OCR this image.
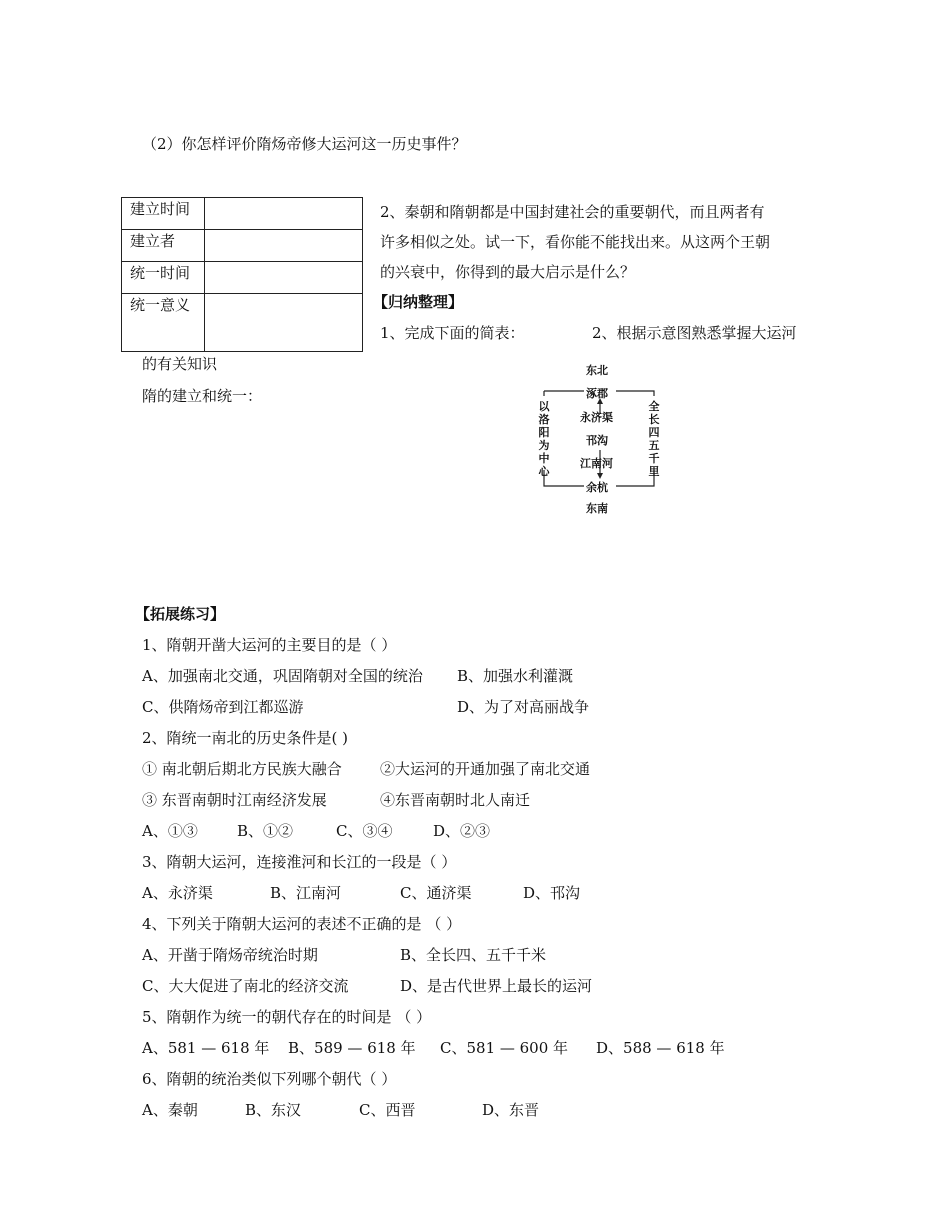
（2）你怎样评价隋炀帝修大运河这一历史事件？
建立时间	
建立者	
统一时间	
统一意义	
2、秦朝和隋朝都是中国封建社会的重要朝代，而且两者有
许多相似之处。试一下，看你能不能找出来。从这两个王朝
的兴衰中，你得到的最大启示是什么？
【归纳整理】
1、完成下面的简表：	2、根据示意图熟悉掌握大运河
的有关知识
隋的建立和统一：
东北
涿郡
永济渠
邗沟
江南河
余杭
东南
以洛阳为中心
全长四五千里
【拓展练习】
1、隋朝开凿大运河的主要目的是（ ）
A、加强南北交通，巩固隋朝对全国的统治 B、加强水利灌溉
C、供隋炀帝到江都巡游	D、为了对高丽战争
2、隋统一南北的历史条件是( )
① 南北朝后期北方民族大融合	②大运河的开通加强了南北交通
③ 东晋南朝时江南经济发展	④东晋南朝时北人南迁
A、①③	B、①②	C、③④	D、②③
3、隋朝大运河，连接淮河和长江的一段是（ ）
A、永济渠	B、江南河	C、通济渠	D、邗沟
4、下列关于隋朝大运河的表述不正确的是 （ ）
A、开凿于隋炀帝统治时期	B、全长四、五千千米
C、大大促进了南北的经济交流	D、是古代世界上最长的运河
5、隋朝作为统一的朝代存在的时间是 （ ）
A、581 — 618 年 B、589 — 618 年 C、581 — 600 年 D、588 — 618 年
6、隋朝的统治类似下列哪个朝代（ ）
A、秦朝	B、东汉	C、西晋	D、东晋
